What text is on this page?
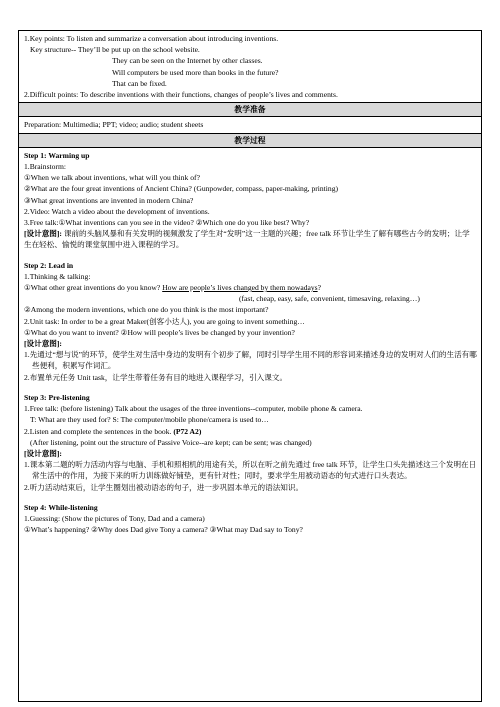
1.Key points: To listen and summarize a conversation about introducing inventions.
Key structure-- They’ll be put up on the school website.
They can be seen on the Internet by other classes.
Will computers be used more than books in the future?
That can be fixed.
2.Difficult points: To describe inventions with their functions, changes of people’s lives and comments.
教学准备
Preparation: Multimedia; PPT; video; audio; student sheets
教学过程
Step 1: Warming up
1.Brainstorm:
①When we talk about inventions, what will you think of?
②What are the four great inventions of Ancient China? (Gunpowder, compass, paper-making, printing)
③What great inventions are invented in modern China?
2.Video: Watch a video about the development of inventions.
3.Free talk:①What inventions can you see in the video? ②Which one do you like best? Why?
[设计意图]: 课前的头脑风暴和有关发明的视频激发了学生对“发明”这一主题的兴趣；free talk 环节让学生了解有哪些古今的发明；让学生在轻松、愉悦的课堂氛围中进入课程的学习。
Step 2: Lead in
1.Thinking & talking:
①What other great inventions do you know? How are people’s lives changed by them nowadays?
(fast, cheap, easy, safe, convenient, timesaving, relaxing…)
②Among the modern inventions, which one do you think is the most important?
2.Unit task: In order to be a great Maker(创客小达人), you are going to invent something…
①What do you want to invent? ②How will people’s lives be changed by your invention?
[设计意图]:
1.先通过“想与说”的环节，使学生对生活中身边的发明有个初步了解，同时引导学生用不同的形容词来描述身边的发明对人们的生活有哪些便利，积累写作词汇。
2.布置单元任务 Unit task，让学生带着任务有目的地进入课程学习，引入课文。
Step 3: Pre-listening
1.Free talk: (before listening) Talk about the usages of the three inventions--computer, mobile phone & camera.
T: What are they used for? S: The computer/mobile phone/camera is used to…
2.Listen and complete the sentences in the book. (P72 A2)
(After listening, point out the structure of Passive Voice--are kept; can be sent; was changed)
[设计意图]:
1.课本第二题的听力活动内容与电脑、手机和照相机的用途有关，所以在听之前先通过 free talk 环节，让学生口头先描述这三个发明在日常生活中的作用，为接下来的听力训练做好铺垫，更有针对性；同时，要求学生用被动语态的句式进行口头表达。
2.听力活动结束后，让学生圈划出被动语态的句子，进一步巩固本单元的语法知识。
Step 4: While-listening
1.Guessing: (Show the pictures of Tony, Dad and a camera)
①What’s happening? ②Why does Dad give Tony a camera? ③What may Dad say to Tony?
